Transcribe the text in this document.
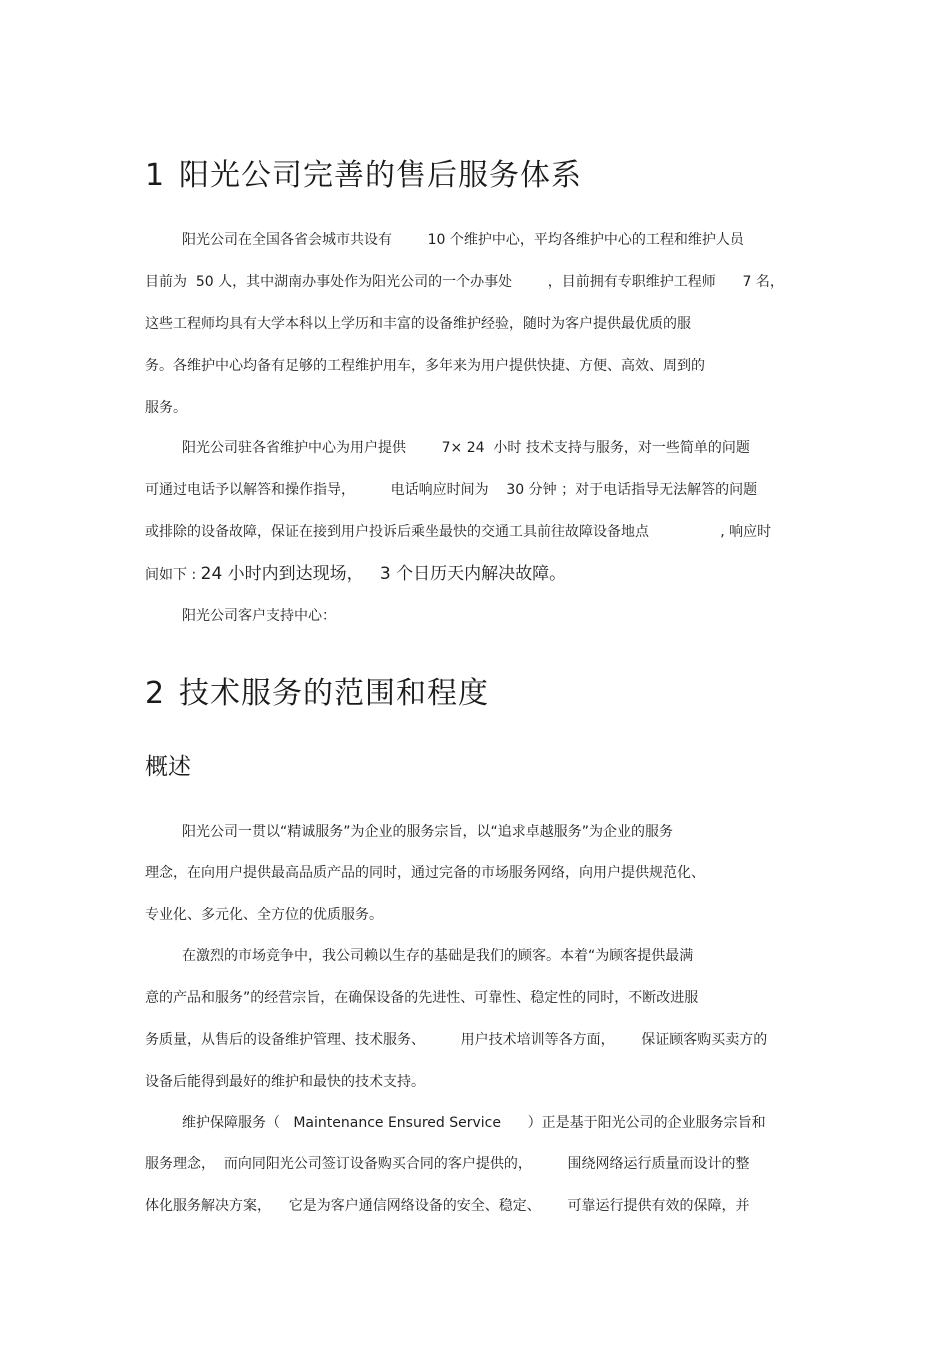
1 阳光公司完善的售后服务体系

阳光公司在全国各省会城市共设有        10 个维护中心，平均各维护中心的工程和维护人员

目前为  50 人，其中湖南办事处作为阳光公司的一个办事处        ，目前拥有专职维护工程师      7 名，

这些工程师均具有大学本科以上学历和丰富的设备维护经验，随时为客户提供最优质的服

务。各维护中心均备有足够的工程维护用车，多年来为用户提供快捷、方便、高效、周到的

服务。

阳光公司驻各省维护中心为用户提供        7× 24  小时 技术支持与服务，对一些简单的问题

可通过电话予以解答和操作指导，        电话响应时间为    30 分钟 ；对于电话指导无法解答的问题

或排除的设备故障，保证在接到用户投诉后乘坐最快的交通工具前往故障设备地点                , 响应时

间如下 : 24 小时内到达现场，   3 个日历天内解决故障。

阳光公司客户支持中心：

2 技术服务的范围和程度
概述

阳光公司一贯以“精诚服务”为企业的服务宗旨，以“追求卓越服务”为企业的服务

理念，在向用户提供最高品质产品的同时，通过完备的市场服务网络，向用户提供规范化、

专业化、多元化、全方位的优质服务。

在激烈的市场竞争中，我公司赖以生存的基础是我们的顾客。本着“为顾客提供最满

意的产品和服务”的经营宗旨，在确保设备的先进性、可靠性、稳定性的同时，不断改进服

务质量，从售后的设备维护管理、技术服务、        用户技术培训等各方面，      保证顾客购买卖方的

设备后能得到最好的维护和最快的技术支持。

维护保障服务（   Maintenance Ensured Service      ）正是基于阳光公司的企业服务宗旨和

服务理念，  而向同阳光公司签订设备购买合同的客户提供的，        围绕网络运行质量而设计的整

体化服务解决方案，    它是为客户通信网络设备的安全、稳定、      可靠运行提供有效的保障，并
